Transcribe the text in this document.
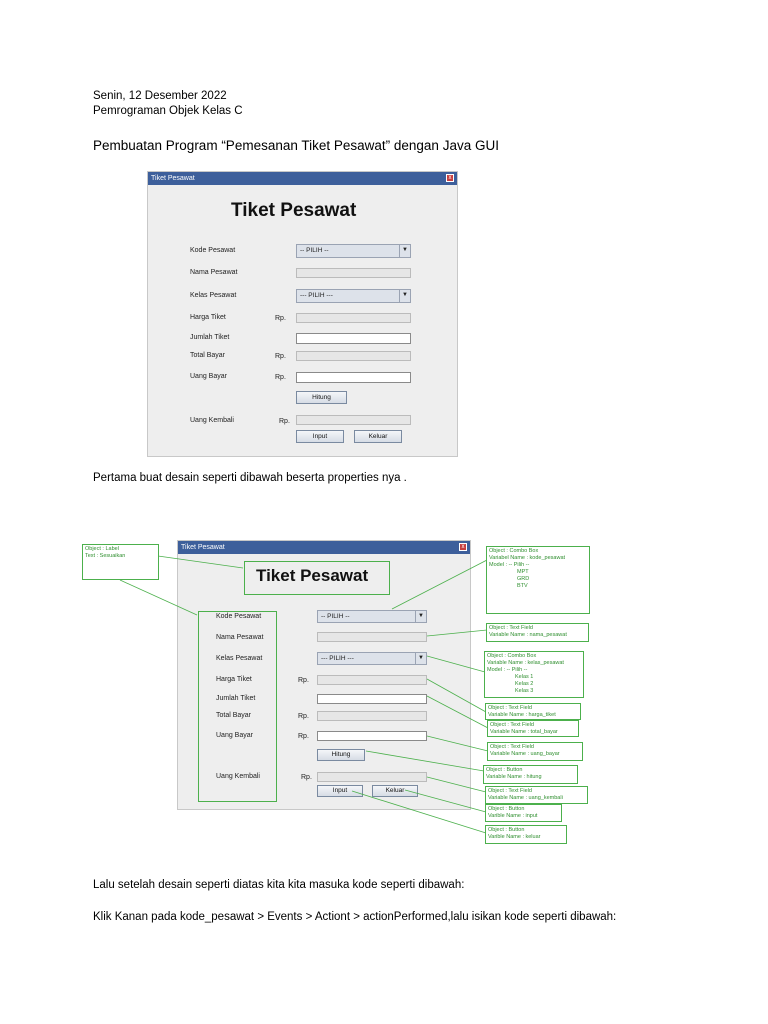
Senin, 12 Desember 2022
Pemrograman Objek Kelas C
Pembuatan Program “Pemesanan Tiket Pesawat” dengan Java GUI
Tiket Pesawat	x
Tiket Pesawat
Kode Pesawat	-- PILIH --	▼
Nama Pesawat
Kelas Pesawat	--- PILIH ---	▼
Harga Tiket	Rp.
Jumlah Tiket
Total Bayar	Rp.
Uang Bayar	Rp.
Hitung
Uang Kembali	Rp.
Input	Keluar
Pertama buat desain seperti dibawah beserta properties nya .
Tiket Pesawat	x
Tiket Pesawat
Kode Pesawat	-- PILIH --	▼
Nama Pesawat
Kelas Pesawat	--- PILIH ---	▼
Harga Tiket	Rp.
Jumlah Tiket
Total Bayar	Rp.
Uang Bayar	Rp.
Hitung
Uang Kembali	Rp.
Input	Keluar
Object : Label
Text : Sesuaikan
Object : Combo Box
Variabel Name : kode_pesawat
Model : -- Pilih --
MPT
GRD
BTV
Object : Text Field
Variable Name : nama_pesawat
Object : Combo Box
Variable Name : kelas_pesawat
Model : -- Pilih --
Kelas 1
Kelas 2
Kelas 3
Object : Text Field
Variable Name : harga_tiket
Object : Text Field
Variable Name : total_bayar
Object : Text Field
Variable Name : uang_bayar
Object : Button
Variable Name : hitung
Object : Text Field
Variable Name : uang_kembali
Object : Button
Varible Name : input
Object : Button
Varible Name : keluar
Lalu setelah desain seperti diatas kita kita masuka kode seperti dibawah:
Klik Kanan pada kode_pesawat > Events > Actiont > actionPerformed,lalu isikan kode seperti dibawah:
